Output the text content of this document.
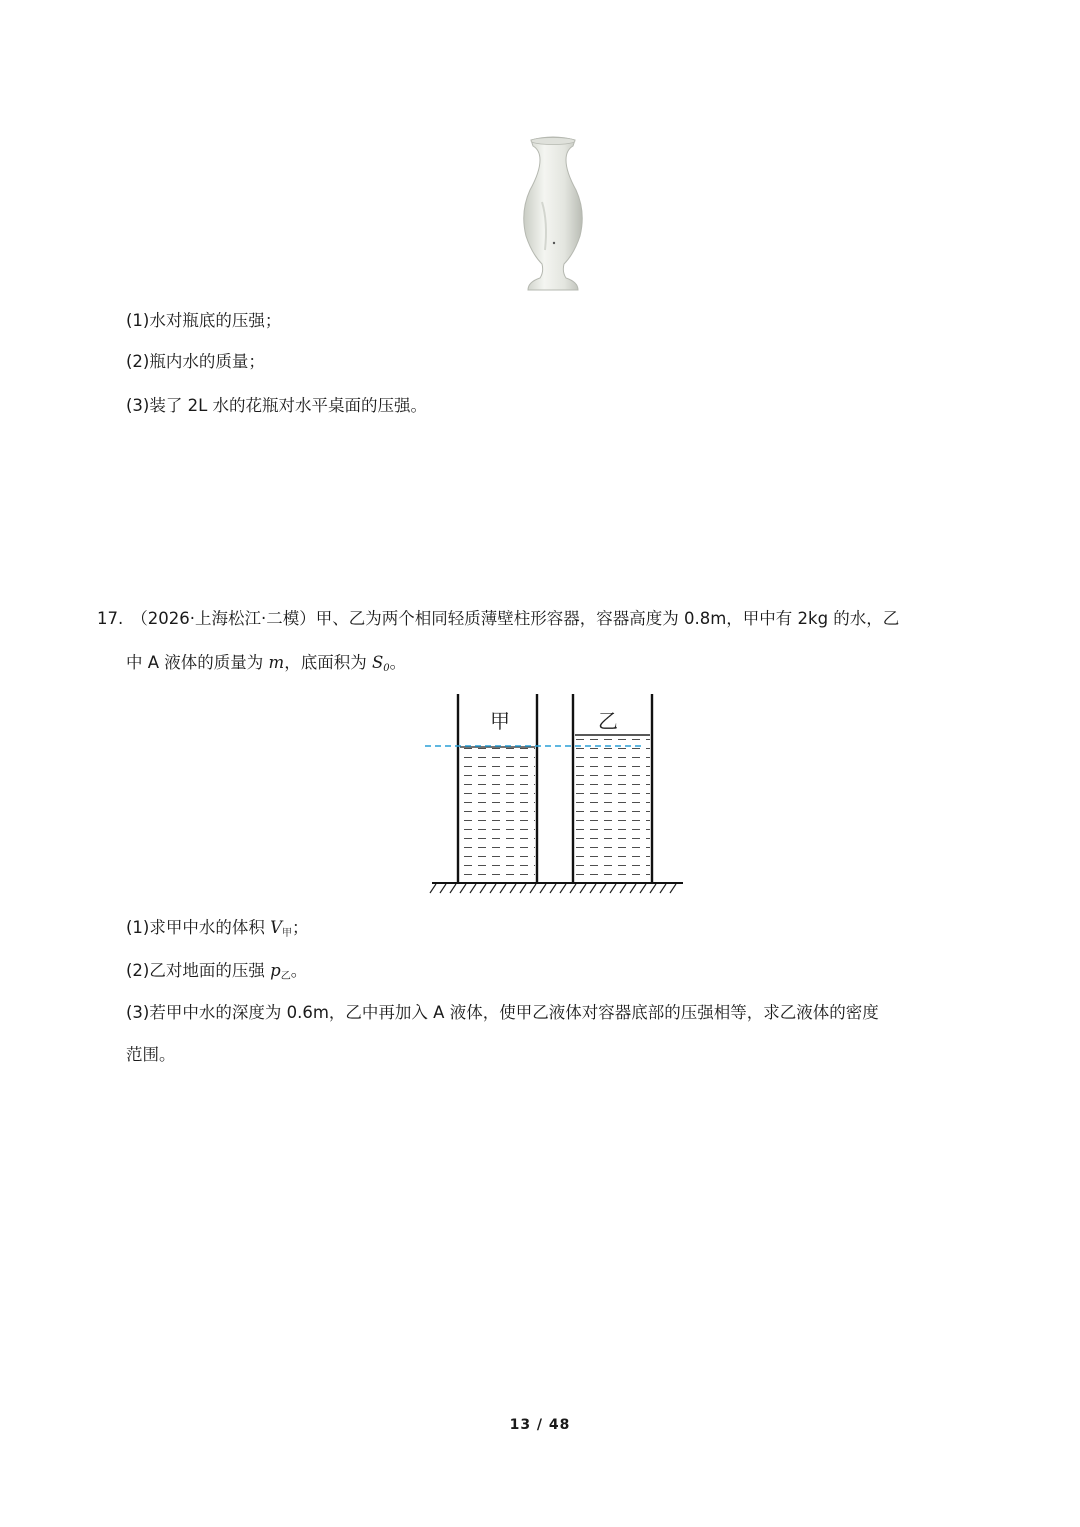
(1)水对瓶底的压强；
(2)瓶内水的质量；
(3)装了 2L 水的花瓶对水平桌面的压强。
17. （2026·上海松江·二模）甲、乙为两个相同轻质薄壁柱形容器，容器高度为 0.8m，甲中有 2kg 的水，乙
中 A 液体的质量为 m，底面积为 $S_0$。
甲	乙
(1)求甲中水的体积 $V_甲$；
(2)乙对地面的压强 $p_乙$。
(3)若甲中水的深度为 0.6m，乙中再加入 A 液体，使甲乙液体对容器底部的压强相等，求乙液体的密度
范围。
13 / 48
